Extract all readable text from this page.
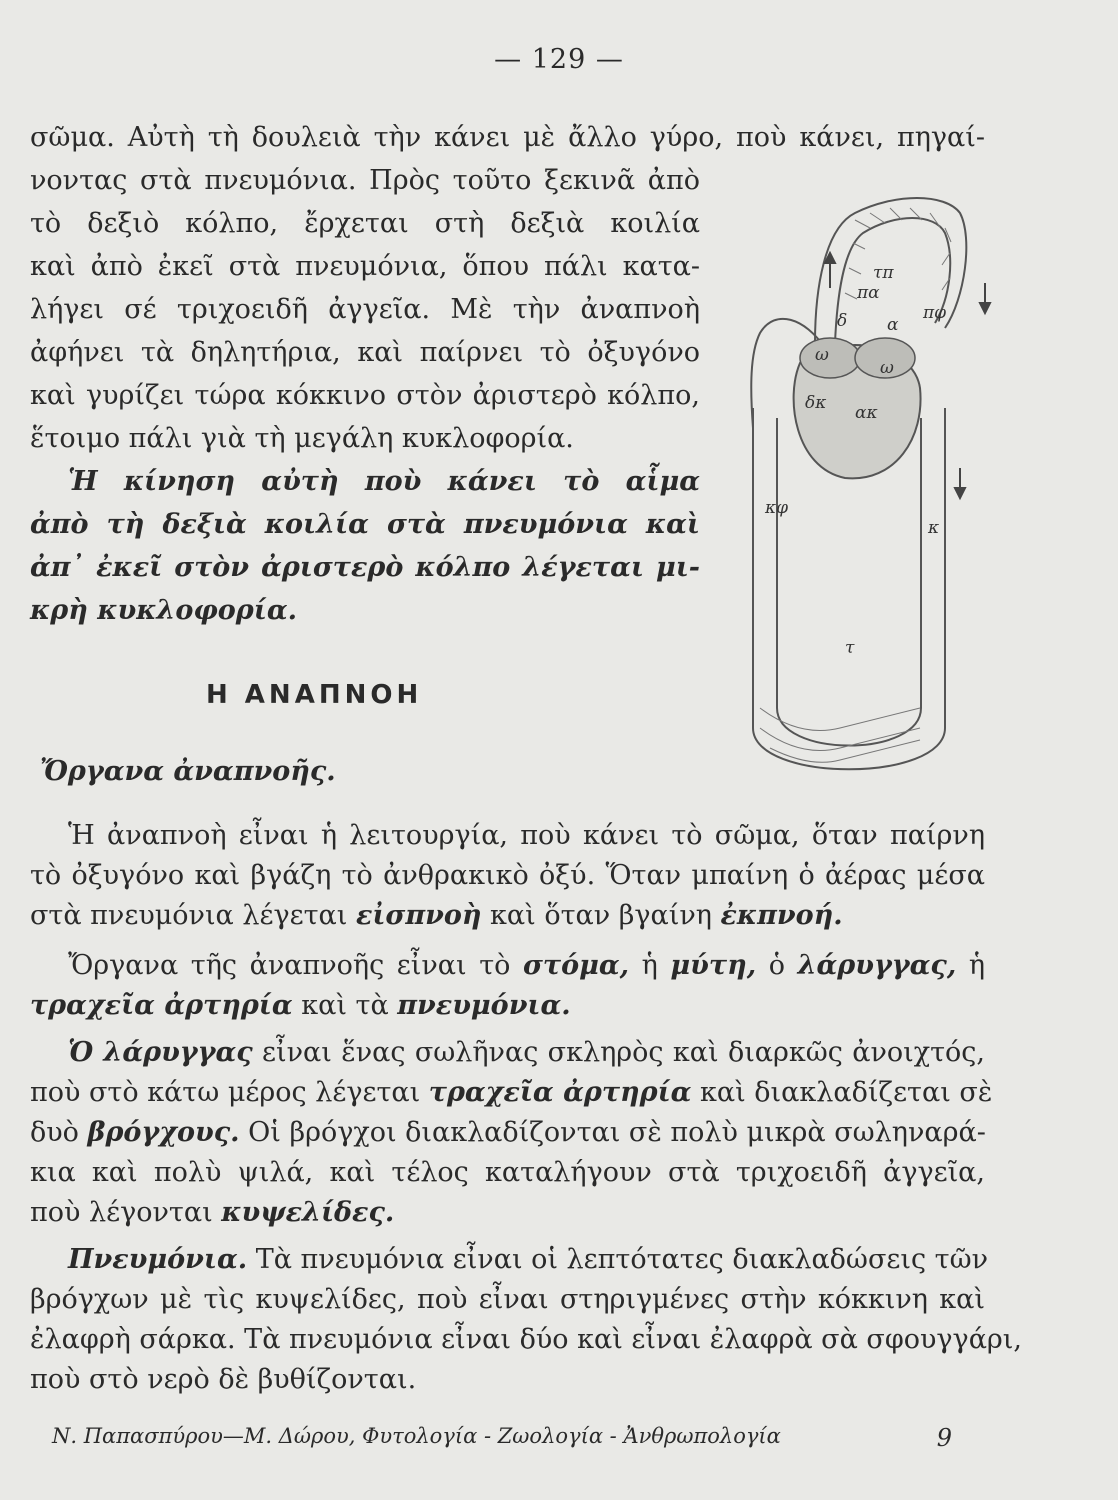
— 129 —
σῶμα. Αὐτὴ τὴ δουλειὰ τὴν κάνει μὲ ἄλλο γύρο, ποὺ κάνει, πηγαί-
νοντας στὰ πνευμόνια. Πρὸς τοῦτο ξεκινᾶ ἀπὸ
τὸ δεξιὸ κόλπο, ἔρχεται στὴ δεξιὰ κοιλία
καὶ ἀπὸ ἐκεῖ στὰ πνευμόνια, ὅπου πάλι κατα-
λήγει σέ τριχοειδῆ ἀγγεῖα. Μὲ τὴν ἀναπνοὴ
ἀφήνει τὰ δηλητήρια, καὶ παίρνει τὸ ὀξυγόνο
καὶ γυρίζει τώρα κόκκινο στὸν ἀριστερὸ κόλπο,
ἕτοιμο πάλι γιὰ τὴ μεγάλη κυκλοφορία.
Ἡ κίνηση αὐτὴ ποὺ κάνει τὸ αἷμα
ἀπὸ τὴ δεξιὰ κοιλία στὰ πνευμόνια καὶ
ἀπ᾿ ἐκεῖ στὸν ἀριστερὸ κόλπο λέγεται μι-
κρὴ κυκλοφορία.
Η ΑΝΑΠΝΟΗ
Ὄργανα ἀναπνοῆς.
Ἡ ἀναπνοὴ εἶναι ἡ λειτουργία, ποὺ κάνει τὸ σῶμα, ὅταν παίρνη
τὸ ὀξυγόνο καὶ βγάζη τὸ ἀνθρακικὸ ὀξύ. Ὅταν μπαίνη ὁ ἀέρας μέσα
στὰ πνευμόνια λέγεται εἰσπνοὴ καὶ ὅταν βγαίνη ἐκπνοή.
Ὄργανα τῆς ἀναπνοῆς εἶναι τὸ στόμα, ἡ μύτη, ὁ λάρυγγας, ἡ
τραχεῖα ἀρτηρία καὶ τὰ πνευμόνια.
Ὁ λάρυγγας εἶναι ἕνας σωλῆνας σκληρὸς καὶ διαρκῶς ἀνοιχτός,
ποὺ στὸ κάτω μέρος λέγεται τραχεῖα ἀρτηρία καὶ διακλαδίζεται σὲ
δυὸ βρόγχους. Οἱ βρόγχοι διακλαδίζονται σὲ πολὺ μικρὰ σωληναρά-
κια καὶ πολὺ ψιλά, καὶ τέλος καταλήγουν στὰ τριχοειδῆ ἀγγεῖα,
ποὺ λέγονται κυψελίδες.
Πνευμόνια. Τὰ πνευμόνια εἶναι οἱ λεπτότατες διακλαδώσεις τῶν
βρόγχων μὲ τὶς κυψελίδες, ποὺ εἶναι στηριγμένες στὴν κόκκινη καὶ
ἐλαφρὴ σάρκα. Τὰ πνευμόνια εἶναι δύο καὶ εἶναι ἐλαφρὰ σὰ σφουγγάρι,
ποὺ στὸ νερὸ δὲ βυθίζονται.
Ν. Παπασπύρου—Μ. Δώρου, Φυτολογία - Ζωολογία - Ἀνθρωπολογία	9
τπ
πα
δ α
πφ
ω
ω
δκ ακ
κφ
κ
τ
